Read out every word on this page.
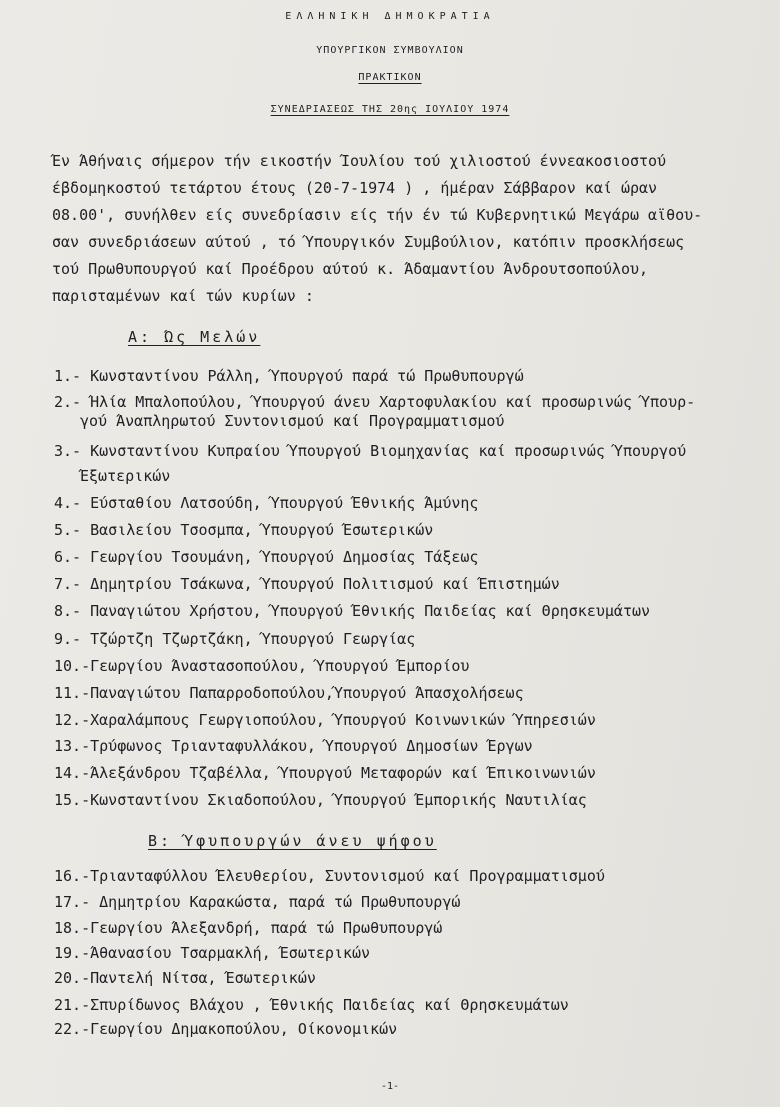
ΕΛΛΗΝΙΚΗ ΔΗΜΟΚΡΑΤΙΑ
ΥΠΟΥΡΓΙΚΟΝ ΣΥΜΒΟΥΛΙΟΝ
ΠΡΑΚΤΙΚΟΝ
ΣΥΝΕΔΡΙΑΣΕΩΣ ΤΗΣ 20ης ΙΟΥΛΙΟΥ 1974
Έν Άθήναις σήμερον τήν εικοστήν Ίουλίου τού χιλιοστού έννεακοσιοστού
έβδομηκοστού τετάρτου έτους (20-7-1974 ) , ήμέραν Σάββαρον καί ώραν
08.00', συνήλθεν είς συνεδρίασιν είς τήν έν τώ Κυβερνητικώ Μεγάρω αϊθου-
σαν συνεδριάσεων αύτού , τό Ύπουργικόν Συμβούλιον, κατόπιν προσκλήσεως
τού Πρωθυπουργού καί Προέδρου αύτού κ. Άδαμαντίου Άνδρουτσοπούλου,
παρισταμένων καί τών κυρίων :
Α: Ώς Μελών
1.- Κωνσταντίνου Ράλλη, Ύπουργού παρά τώ Πρωθυπουργώ
2.- Ήλία Μπαλοπούλου, Ύπουργού άνευ Χαρτοφυλακίου καί προσωρινώς Ύπουρ-
γού Άναπληρωτού Συντονισμού καί Προγραμματισμού
3.- Κωνσταντίνου Κυπραίου Ύπουργού Βιομηχανίας καί προσωρινώς Ύπουργού
Έξωτερικών
4.- Εύσταθίου Λατσούδη, Ύπουργού Έθνικής Άμύνης
5.- Βασιλείου Τσοσμπα, Ύπουργού Έσωτερικών
6.- Γεωργίου Τσουμάνη, Ύπουργού Δημοσίας Τάξεως
7.- Δημητρίου Τσάκωνα, Ύπουργού Πολιτισμού καί Έπιστημών
8.- Παναγιώτου Χρήστου, Ύπουργού Έθνικής Παιδείας καί Θρησκευμάτων
9.- Τζώρτζη Τζωρτζάκη, Ύπουργού Γεωργίας
10.-Γεωργίου Άναστασοπούλου, Ύπουργού Έμπορίου
11.-Παναγιώτου Παπαρροδοπούλου,Ύπουργού Άπασχολήσεως
12.-Χαραλάμπους Γεωργιοπούλου, Ύπουργού Κοινωνικών Ύπηρεσιών
13.-Τρύφωνος Τριανταφυλλάκου, Ύπουργού Δημοσίων Έργων
14.-Άλεξάνδρου Τζαβέλλα, Ύπουργού Μεταφορών καί Έπικοινωνιών
15.-Κωνσταντίνου Σκιαδοπούλου, Ύπουργού Έμπορικής Ναυτιλίας
Β: Ύφυπουργών άνευ ψήφου
16.-Τριανταφύλλου Έλευθερίου, Συντονισμού καί Προγραμματισμού
17.- Δημητρίου Καρακώστα, παρά τώ Πρωθυπουργώ
18.-Γεωργίου Άλεξανδρή, παρά τώ Πρωθυπουργώ
19.-Άθανασίου Τσαρμακλή, Έσωτερικών
20.-Παντελή Νίτσα, Έσωτερικών
21.-Σπυρίδωνος Βλάχου , Έθνικής Παιδείας καί Θρησκευμάτων
22.-Γεωργίου Δημακοπούλου, Οίκονομικών
-1-
